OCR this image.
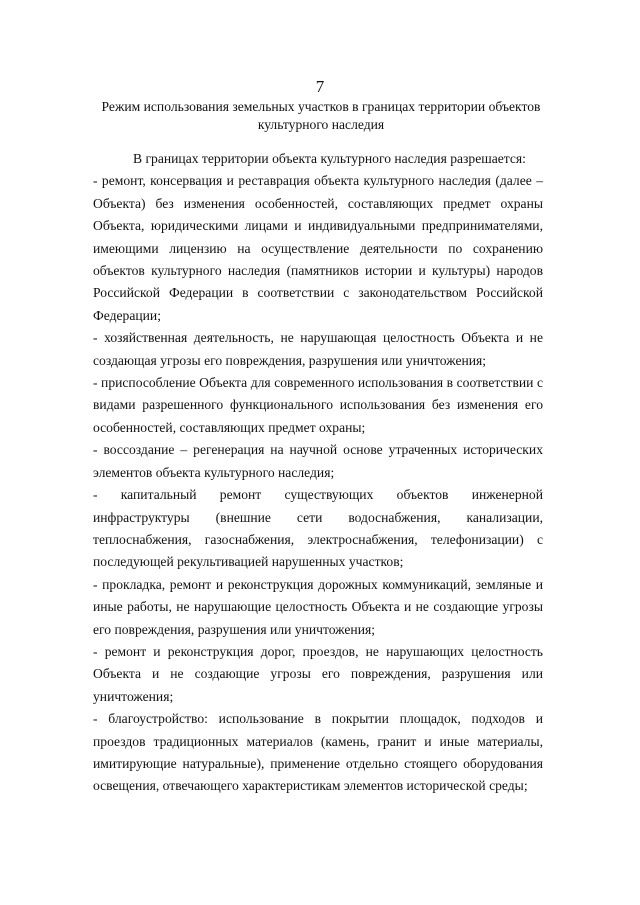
7
Режим использования земельных участков в границах территории объектов культурного наследия

В границах территории объекта культурного наследия разрешается:

- ремонт, консервация и реставрация объекта культурного наследия (далее – Объекта) без изменения особенностей, составляющих предмет охраны Объекта, юридическими лицами и индивидуальными предпринимателями, имеющими лицензию на осуществление деятельности по сохранению объектов культурного наследия (памятников истории и культуры) народов Российской Федерации в соответствии с законодательством Российской Федерации;

- хозяйственная деятельность, не нарушающая целостность Объекта и не создающая угрозы его повреждения, разрушения или уничтожения;

- приспособление Объекта для современного использования в соответствии с видами разрешенного функционального использования без изменения его особенностей, составляющих предмет охраны;

- воссоздание – регенерация на научной основе утраченных исторических элементов объекта культурного наследия;

- капитальный ремонт существующих объектов инженерной инфраструктуры (внешние сети водоснабжения, канализации, теплоснабжения, газоснабжения, электроснабжения, телефонизации) с последующей рекультивацией нарушенных участков;

- прокладка, ремонт и реконструкция дорожных коммуникаций, земляные и иные работы, не нарушающие целостность Объекта и не создающие угрозы его повреждения, разрушения или уничтожения;

- ремонт и реконструкция дорог, проездов, не нарушающих целостность Объекта и не создающие угрозы его повреждения, разрушения или уничтожения;

- благоустройство: использование в покрытии площадок, подходов и проездов традиционных материалов (камень, гранит и иные материалы, имитирующие натуральные), применение отдельно стоящего оборудования освещения, отвечающего характеристикам элементов исторической среды;
